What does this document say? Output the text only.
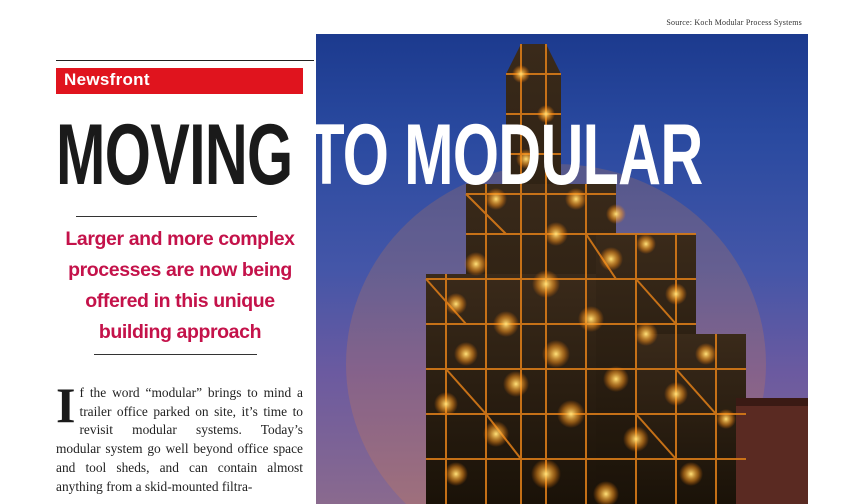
Source: Koch Modular Process Systems
Newsfront
MOVING TO MODULAR

Larger and more complex processes are now being offered in this unique building approach

If the word “modular” brings to mind a trailer office parked on site, it’s time to revisit modular systems. Today’s modular system go well beyond office space and tool sheds, and can contain almost anything from a skid-mounted filtra-
